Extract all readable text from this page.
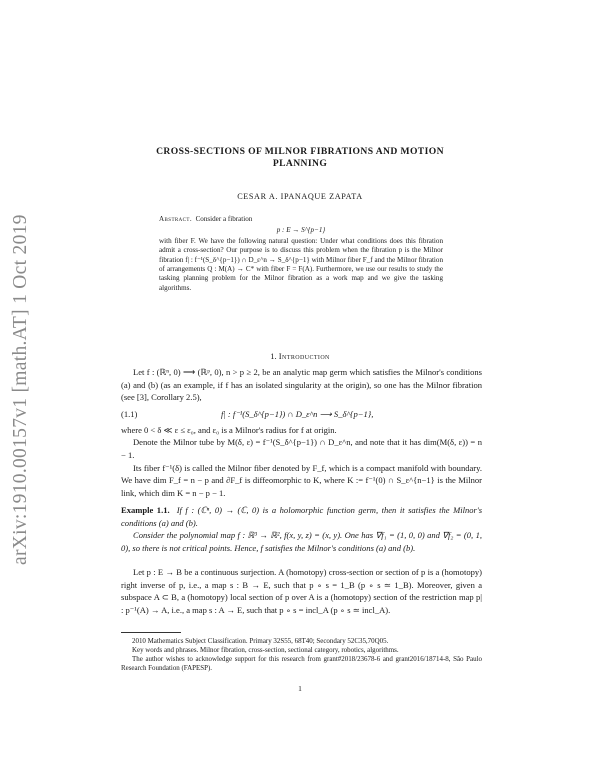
arXiv:1910.00157v1 [math.AT] 1 Oct 2019
CROSS-SECTIONS OF MILNOR FIBRATIONS AND MOTION
PLANNING
CESAR A. IPANAQUE ZAPATA
Abstract. Consider a fibration
p : E → S^{p−1}
with fiber F. We have the following natural question: Under what conditions does this fibration admit a cross-section? Our purpose is to discuss this problem when the fibration p is the Milnor fibration f| : f⁻¹(S_δ^{p−1}) ∩ D_ε^n → S_δ^{p−1} with Milnor fiber F_f and the Milnor fibration of arrangements Q : M(A) → C* with fiber F = F(A). Furthermore, we use our results to study the tasking planning problem for the Milnor fibration as a work map and we give the tasking algorithms.
1. Introduction

Let f : (ℝⁿ, 0) ⟶ (ℝᵖ, 0), n > p ≥ 2, be an analytic map germ which satisfies the Milnor's conditions (a) and (b) (as an example, if f has an isolated singularity at the origin), so one has the Milnor fibration (see [3], Corollary 2.5),

(1.1)	f| : f⁻¹(S_δ^{p−1}) ∩ D_ε^n ⟶ S_δ^{p−1},

where 0 < δ ≪ ε ≤ ε₀, and ε₀ is a Milnor's radius for f at origin.

Denote the Milnor tube by M(δ, ε) = f⁻¹(S_δ^{p−1}) ∩ D_ε^n, and note that it has dim(M(δ, ε)) = n − 1.

Its fiber f⁻¹(δ) is called the Milnor fiber denoted by F_f, which is a compact manifold with boundary. We have dim F_f = n − p and ∂F_f is diffeomorphic to K, where K := f⁻¹(0) ∩ S_ε^{n−1} is the Milnor link, which dim K = n − p − 1.

Example 1.1. If f : (ℂⁿ, 0) → (ℂ, 0) is a holomorphic function germ, then it satisfies the Milnor's conditions (a) and (b).

Consider the polynomial map f : ℝ³ → ℝ², f(x, y, z) = (x, y). One has ∇f₁ = (1, 0, 0) and ∇f₂ = (0, 1, 0), so there is not critical points. Hence, f satisfies the Milnor's conditions (a) and (b).

Let p : E → B be a continuous surjection. A (homotopy) cross-section or section of p is a (homotopy) right inverse of p, i.e., a map s : B → E, such that p ∘ s = 1_B (p ∘ s ≃ 1_B). Moreover, given a subspace A ⊂ B, a (homotopy) local section of p over A is a (homotopy) section of the restriction map p| : p⁻¹(A) → A, i.e., a map s : A → E, such that p ∘ s = incl_A (p ∘ s ≃ incl_A).

2010 Mathematics Subject Classification. Primary 32S55, 68T40; Secondary 52C35,70Q05.

Key words and phrases. Milnor fibration, cross-section, sectional category, robotics, algorithms.

The author wishes to acknowledge support for this research from grant#2018/23678-6 and grant2016/18714-8, São Paulo Research Foundation (FAPESP).

1
